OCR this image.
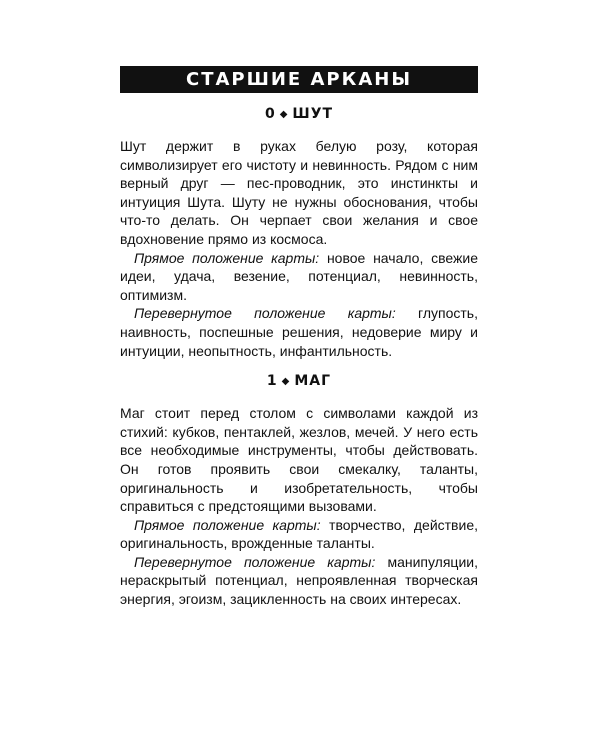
СТАРШИЕ АРКАНЫ
0 ◆ ШУТ

Шут держит в руках белую розу, которая символизирует его чистоту и невинность. Рядом с ним верный друг — пес-проводник, это инстинкты и интуиция Шута. Шуту не нужны обоснования, чтобы что-то делать. Он черпает свои желания и свое вдохновение прямо из космоса.

Прямое положение карты: новое начало, свежие идеи, удача, везение, потенциал, невинность, оптимизм.

Перевернутое положение карты: глупость, наивность, поспешные решения, недоверие миру и интуиции, неопытность, инфантильность.

1 ◆ МАГ

Маг стоит перед столом с символами каждой из стихий: кубков, пентаклей, жезлов, мечей. У него есть все необходимые инструменты, чтобы действовать. Он готов проявить свои смекалку, таланты, оригинальность и изобретательность, чтобы справиться с предстоящими вызовами.

Прямое положение карты: творчество, действие, оригинальность, врожденные таланты.

Перевернутое положение карты: манипуляции, нераскрытый потенциал, непроявленная творческая энергия, эгоизм, зацикленность на своих интересах.
